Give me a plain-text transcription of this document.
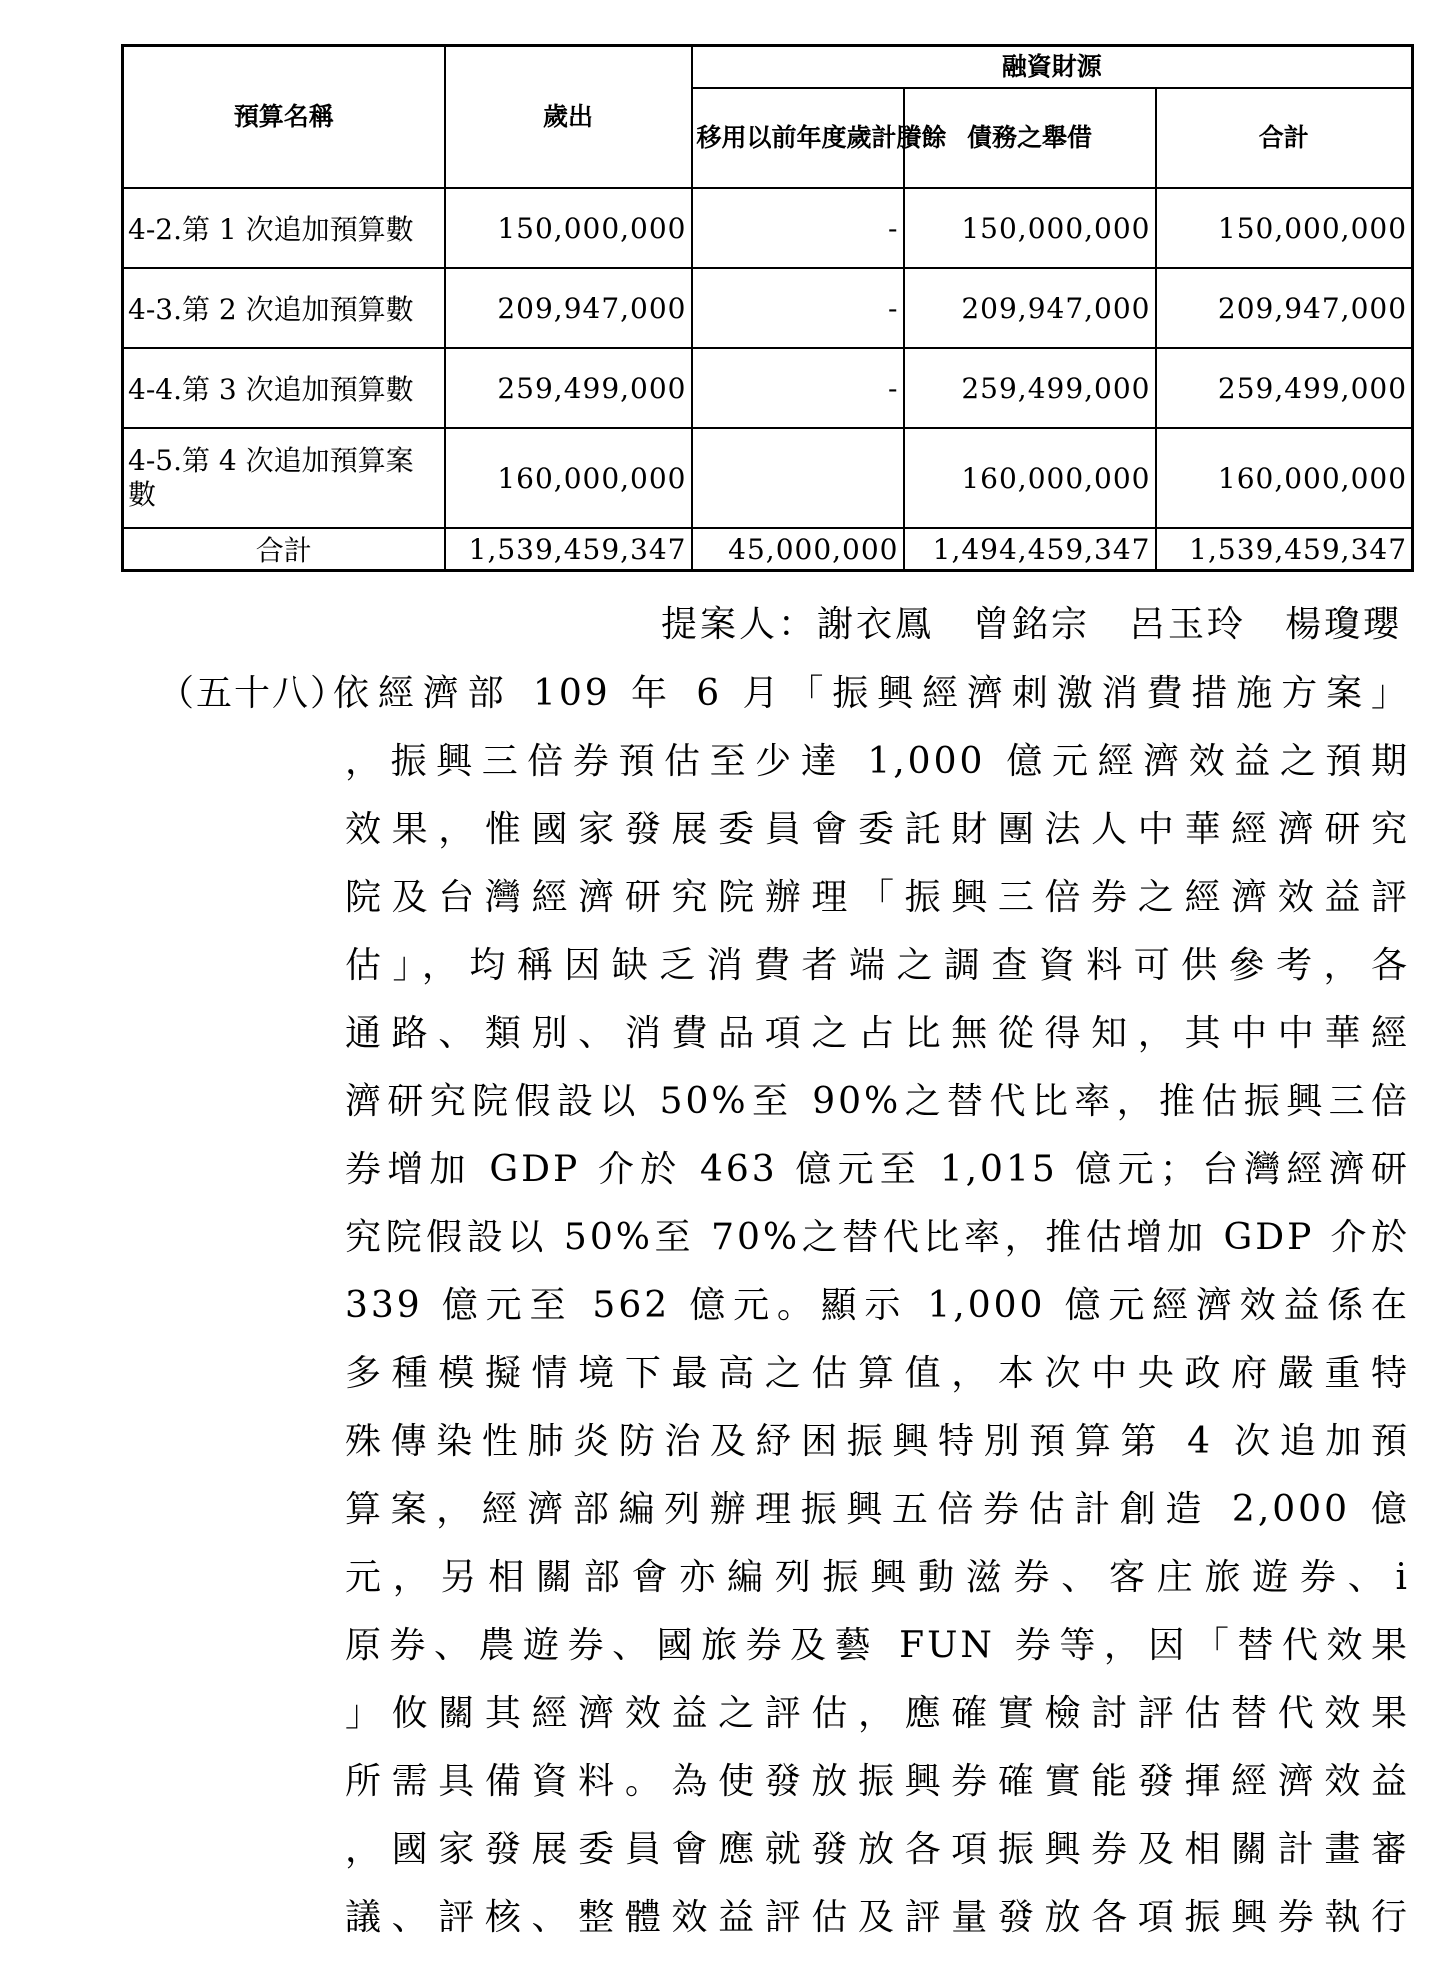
預算名稱	歲出	融資財源		
		移用以前年度歲計賸餘	債務之舉借	合計
4-2.第 1 次追加預算數	150,000,000	-	150,000,000	150,000,000
4-3.第 2 次追加預算數	209,947,000	-	209,947,000	209,947,000
4-4.第 3 次追加預算數	259,499,000	-	259,499,000	259,499,000
4-5.第 4 次追加預算案數	160,000,000		160,000,000	160,000,000
合計	1,539,459,347	45,000,000	1,494,459,347	1,539,459,347
提案人：謝衣鳳　曾銘宗　呂玉玲　楊瓊瓔
（五十八）

依經濟部 109 年 6 月「振興經濟刺激消費措施方案」

，振興三倍券預估至少達 1,000 億元經濟效益之預期

效果，惟國家發展委員會委託財團法人中華經濟研究

院及台灣經濟研究院辦理「振興三倍券之經濟效益評

估」，均稱因缺乏消費者端之調查資料可供參考，各

通路、類別、消費品項之占比無從得知，其中中華經

濟研究院假設以 50%至 90%之替代比率，推估振興三倍

券增加 GDP 介於 463 億元至 1,015 億元；台灣經濟研

究院假設以 50%至 70%之替代比率，推估增加 GDP 介於

339 億元至 562 億元。顯示 1,000 億元經濟效益係在

多種模擬情境下最高之估算值，本次中央政府嚴重特

殊傳染性肺炎防治及紓困振興特別預算第 4 次追加預

算案，經濟部編列辦理振興五倍券估計創造 2,000 億

元，另相關部會亦編列振興動滋券、客庄旅遊券、i

原券、農遊券、國旅券及藝 FUN 券等，因「替代效果

」攸關其經濟效益之評估，應確實檢討評估替代效果

所需具備資料。為使發放振興券確實能發揮經濟效益

，國家發展委員會應就發放各項振興券及相關計畫審

議、評核、整體效益評估及評量發放各項振興券執行
